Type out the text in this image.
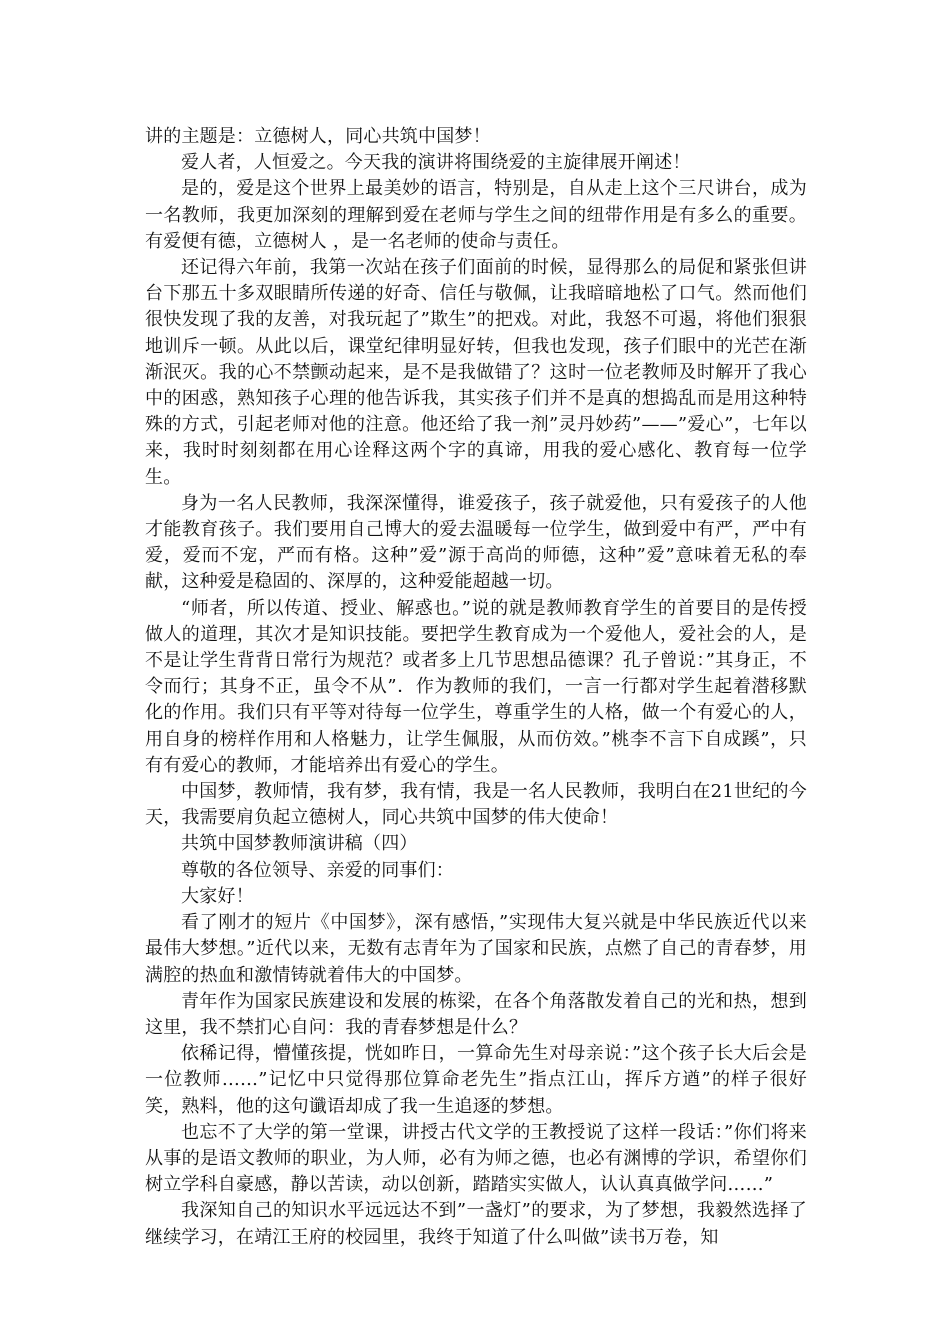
讲的主题是：立德树人，同心共筑中国梦！

爱人者，人恒爱之。今天我的演讲将围绕爱的主旋律展开阐述！

是的，爱是这个世界上最美妙的语言，特别是，自从走上这个三尺讲台，成为一名教师，我更加深刻的理解到爱在老师与学生之间的纽带作用是有多么的重要。有爱便有德，立德树人 ，是一名老师的使命与责任。

还记得六年前，我第一次站在孩子们面前的时候，显得那么的局促和紧张但讲台下那五十多双眼睛所传递的好奇、信任与敬佩，让我暗暗地松了口气。然而他们很快发现了我的友善，对我玩起了”欺生”的把戏。对此，我怒不可遏，将他们狠狠地训斥一顿。从此以后，课堂纪律明显好转，但我也发现，孩子们眼中的光芒在渐渐泯灭。我的心不禁颤动起来，是不是我做错了？这时一位老教师及时解开了我心中的困惑，熟知孩子心理的他告诉我，其实孩子们并不是真的想捣乱而是用这种特殊的方式，引起老师对他的注意。他还给了我一剂”灵丹妙药”——”爱心”，七年以来，我时时刻刻都在用心诠释这两个字的真谛，用我的爱心感化、教育每一位学生。

身为一名人民教师，我深深懂得，谁爱孩子，孩子就爱他，只有爱孩子的人他才能教育孩子。我们要用自己博大的爱去温暖每一位学生，做到爱中有严，严中有爱，爱而不宠，严而有格。这种”爱”源于高尚的师德，这种”爱”意味着无私的奉献，这种爱是稳固的、深厚的，这种爱能超越一切。

“师者，所以传道、授业、解惑也。”说的就是教师教育学生的首要目的是传授做人的道理，其次才是知识技能。要把学生教育成为一个爱他人，爱社会的人，是不是让学生背背日常行为规范？或者多上几节思想品德课？孔子曾说：”其身正，不令而行；其身不正，虽令不从”．作为教师的我们，一言一行都对学生起着潜移默化的作用。我们只有平等对待每一位学生，尊重学生的人格，做一个有爱心的人，用自身的榜样作用和人格魅力，让学生佩服，从而仿效。”桃李不言下自成蹊”，只有有爱心的教师，才能培养出有爱心的学生。

中国梦，教师情，我有梦，我有情，我是一名人民教师，我明白在21世纪的今天，我需要肩负起立德树人，同心共筑中国梦的伟大使命！

共筑中国梦教师演讲稿（四）

尊敬的各位领导、亲爱的同事们：

大家好！

看了刚才的短片《中国梦》，深有感悟，”实现伟大复兴就是中华民族近代以来最伟大梦想。”近代以来，无数有志青年为了国家和民族，点燃了自己的青春梦，用满腔的热血和激情铸就着伟大的中国梦。

青年作为国家民族建设和发展的栋梁，在各个角落散发着自己的光和热，想到这里，我不禁扪心自问：我的青春梦想是什么？

依稀记得，懵懂孩提，恍如昨日，一算命先生对母亲说：”这个孩子长大后会是一位教师……”记忆中只觉得那位算命老先生”指点江山，挥斥方遒”的样子很好笑，熟料，他的这句谶语却成了我一生追逐的梦想。

也忘不了大学的第一堂课，讲授古代文学的王教授说了这样一段话：”你们将来从事的是语文教师的职业，为人师，必有为师之德，也必有渊博的学识，希望你们树立学科自豪感，静以苦读，动以创新，踏踏实实做人，认认真真做学问……”

我深知自己的知识水平远远达不到”一盏灯”的要求，为了梦想，我毅然选择了继续学习，在靖江王府的校园里，我终于知道了什么叫做”读书万卷，知
